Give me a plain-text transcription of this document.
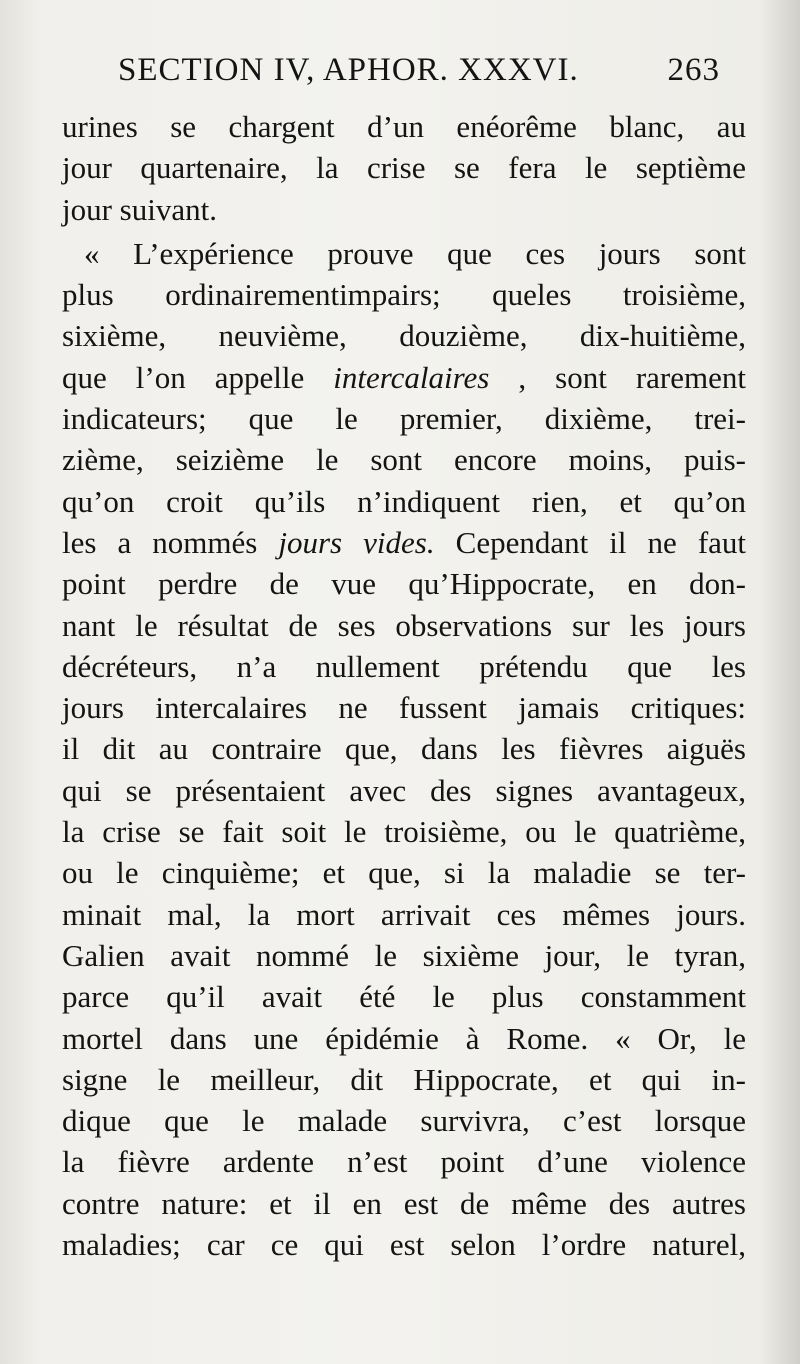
SECTION IV, APHOR. XXXVI.	263
urines se chargent d’un enéorême blanc, au
jour quartenaire, la crise se fera le septième
jour suivant.
« L’expérience prouve que ces jours sont
plus ordinairementimpairs; queles troisième,
sixième, neuvième, douzième, dix-huitième,
que l’on appelle intercalaires , sont rarement
indicateurs; que le premier, dixième, trei-
zième, seizième le sont encore moins, puis-
qu’on croit qu’ils n’indiquent rien, et qu’on
les a nommés jours vides. Cependant il ne faut
point perdre de vue qu’Hippocrate, en don-
nant le résultat de ses observations sur les jours
décréteurs, n’a nullement prétendu que les
jours intercalaires ne fussent jamais critiques:
il dit au contraire que, dans les fièvres aiguës
qui se présentaient avec des signes avantageux,
la crise se fait soit le troisième, ou le quatrième,
ou le cinquième; et que, si la maladie se ter-
minait mal, la mort arrivait ces mêmes jours.
Galien avait nommé le sixième jour, le tyran,
parce qu’il avait été le plus constamment
mortel dans une épidémie à Rome. « Or, le
signe le meilleur, dit Hippocrate, et qui in-
dique que le malade survivra, c’est lorsque
la fièvre ardente n’est point d’une violence
contre nature: et il en est de même des autres
maladies; car ce qui est selon l’ordre naturel,
